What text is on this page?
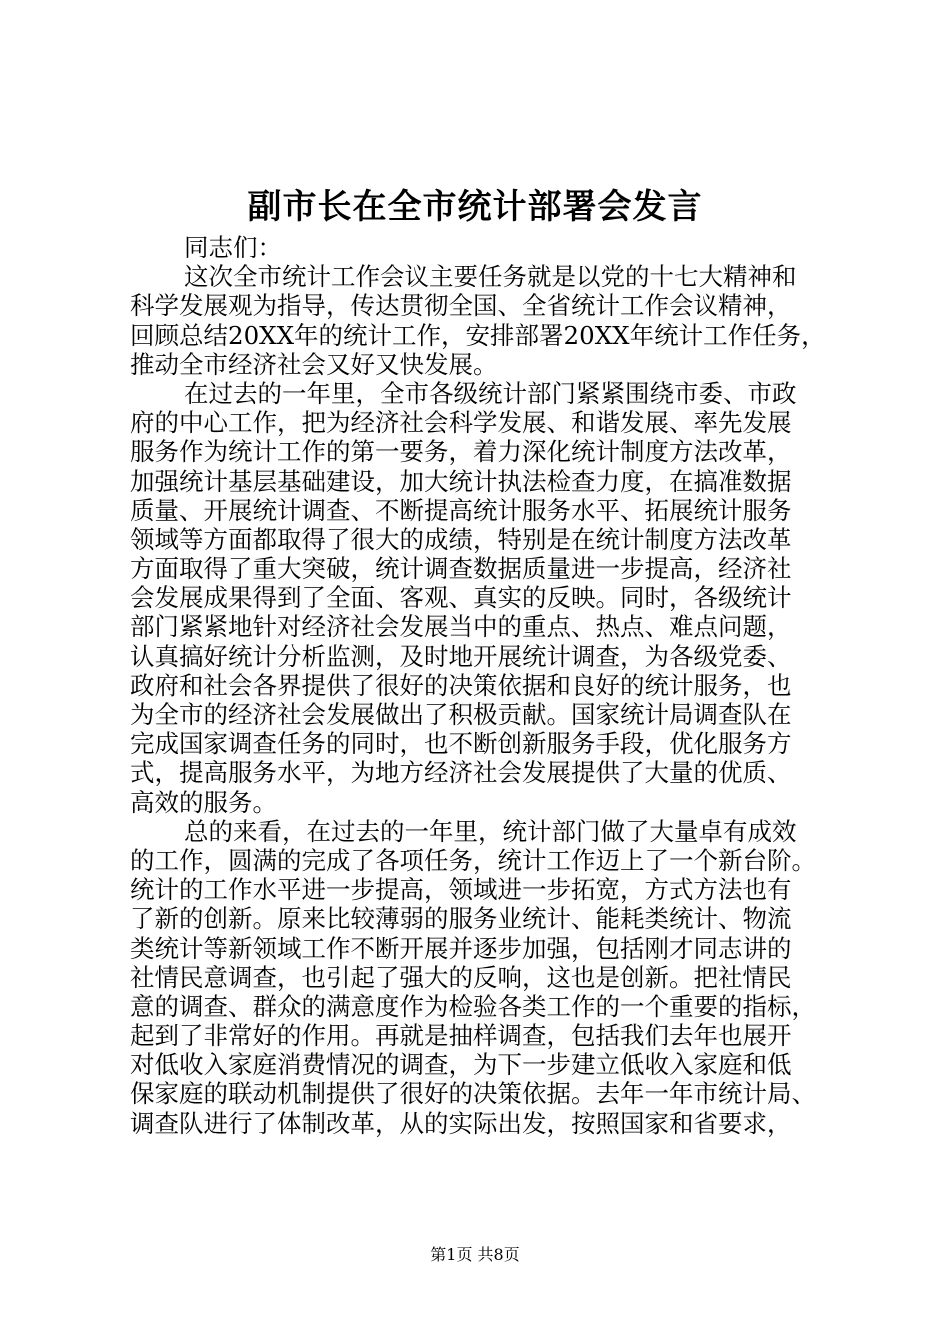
副市长在全市统计部署会发言
同志们：
这次全市统计工作会议主要任务就是以党的十七大精神和
科学发展观为指导，传达贯彻全国、全省统计工作会议精神，
回顾总结20XX年的统计工作，安排部署20XX年统计工作任务，
推动全市经济社会又好又快发展。
在过去的一年里，全市各级统计部门紧紧围绕市委、市政
府的中心工作，把为经济社会科学发展、和谐发展、率先发展
服务作为统计工作的第一要务，着力深化统计制度方法改革，
加强统计基层基础建设，加大统计执法检查力度，在搞准数据
质量、开展统计调查、不断提高统计服务水平、拓展统计服务
领域等方面都取得了很大的成绩，特别是在统计制度方法改革
方面取得了重大突破，统计调查数据质量进一步提高，经济社
会发展成果得到了全面、客观、真实的反映。同时，各级统计
部门紧紧地针对经济社会发展当中的重点、热点、难点问题，
认真搞好统计分析监测，及时地开展统计调查，为各级党委、
政府和社会各界提供了很好的决策依据和良好的统计服务，也
为全市的经济社会发展做出了积极贡献。国家统计局调查队在
完成国家调查任务的同时，也不断创新服务手段，优化服务方
式，提高服务水平，为地方经济社会发展提供了大量的优质、
高效的服务。
总的来看，在过去的一年里，统计部门做了大量卓有成效
的工作，圆满的完成了各项任务，统计工作迈上了一个新台阶。
统计的工作水平进一步提高，领域进一步拓宽，方式方法也有
了新的创新。原来比较薄弱的服务业统计、能耗类统计、物流
类统计等新领域工作不断开展并逐步加强，包括刚才同志讲的
社情民意调查，也引起了强大的反响，这也是创新。把社情民
意的调查、群众的满意度作为检验各类工作的一个重要的指标，
起到了非常好的作用。再就是抽样调查，包括我们去年也展开
对低收入家庭消费情况的调查，为下一步建立低收入家庭和低
保家庭的联动机制提供了很好的决策依据。去年一年市统计局、
调查队进行了体制改革，从的实际出发，按照国家和省要求，
第1页 共8页
